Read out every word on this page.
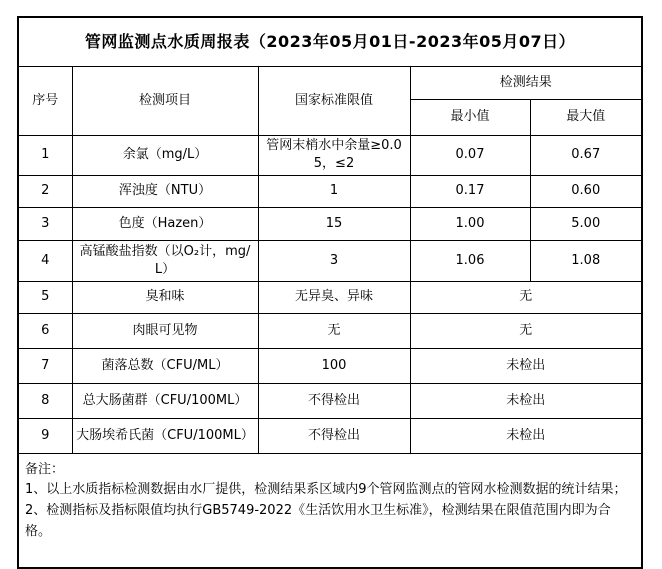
管网监测点水质周报表（2023年05月01日-2023年05月07日）				
序号	检测项目	国家标准限值	检测结果	
			最小值	最大值
1	余氯（mg/L）	管网末梢水中余量≥0.05，≤2	0.07	0.67
2	浑浊度（NTU）	1	0.17	0.60
3	色度（Hazen）	15	1.00	5.00
4	高锰酸盐指数（以O₂计，mg/L）	3	1.06	1.08
5	臭和味	无异臭、异味	无	
6	肉眼可见物	无	无	
7	菌落总数（CFU/ML）	100	未检出	
8	总大肠菌群（CFU/100ML）	不得检出	未检出	
9	大肠埃希氏菌（CFU/100ML）	不得检出	未检出	

备注：
1、以上水质指标检测数据由水厂提供，检测结果系区域内9个管网监测点的管网水检测数据的统计结果；
2、检测指标及指标限值均执行GB5749-2022《生活饮用水卫生标准》，检测结果在限值范围内即为合格。				
